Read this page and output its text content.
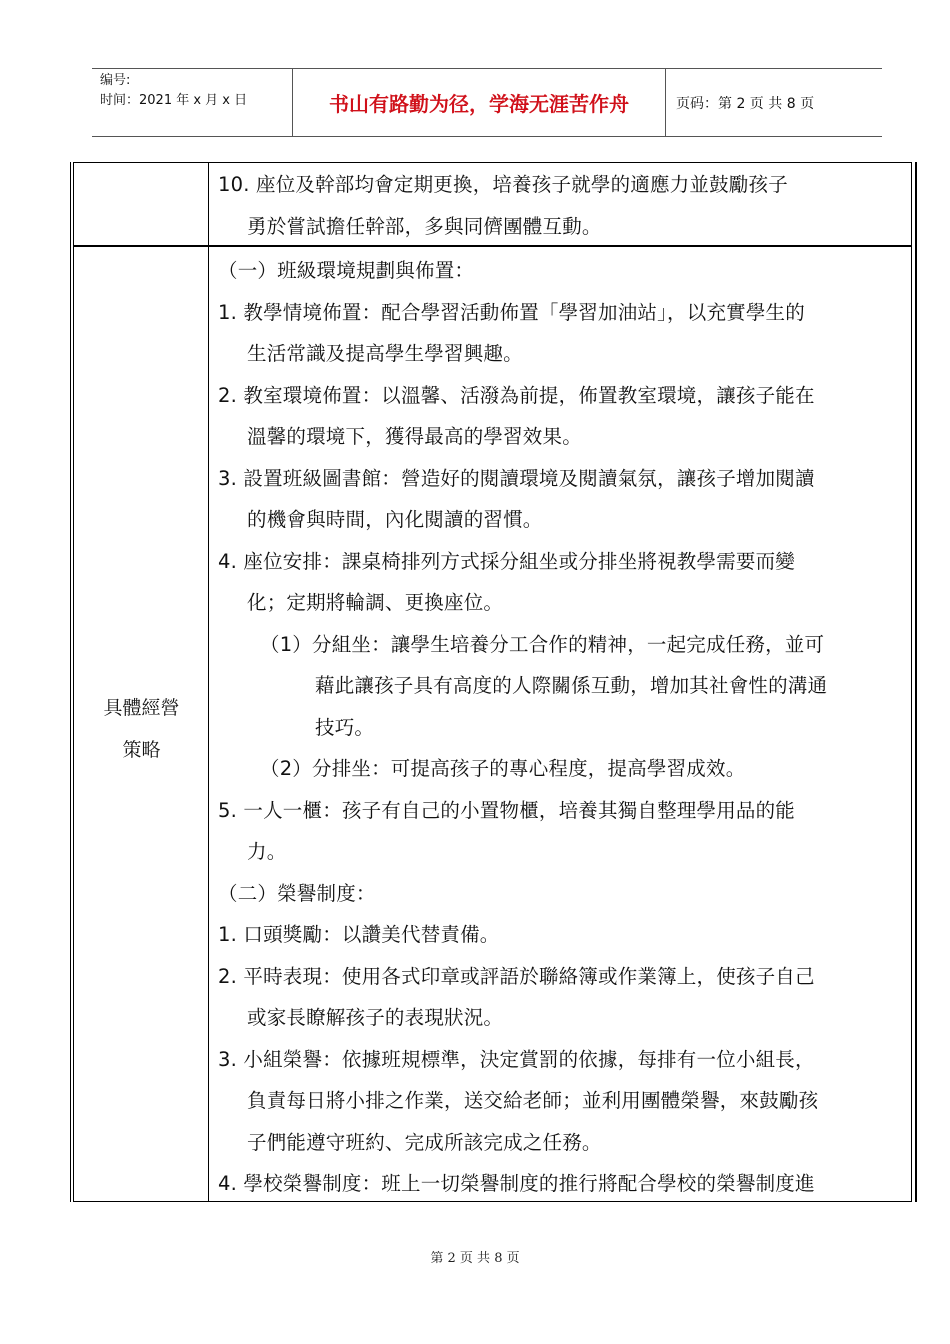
编号:
时间：2021 年 x 月 x 日	书山有路勤为径，学海无涯苦作舟	页码：第 2 页 共 8 页
10. 座位及幹部均會定期更換，培養孩子就學的適應力並鼓勵孩子
勇於嘗試擔任幹部，多與同儕團體互動。
具體經營
策略
（一）班級環境規劃與佈置：
1. 教學情境佈置：配合學習活動佈置「學習加油站」，以充實學生的
生活常識及提高學生學習興趣。
2. 教室環境佈置：以溫馨、活潑為前提，佈置教室環境，讓孩子能在
溫馨的環境下，獲得最高的學習效果。
3. 設置班級圖書館：營造好的閱讀環境及閱讀氣氛，讓孩子增加閱讀
的機會與時間，內化閱讀的習慣。
4. 座位安排：課桌椅排列方式採分組坐或分排坐將視教學需要而變
化；定期將輪調、更換座位。
（1）分組坐：讓學生培養分工合作的精神，一起完成任務，並可
藉此讓孩子具有高度的人際關係互動，增加其社會性的溝通
技巧。
（2）分排坐：可提高孩子的專心程度，提高學習成效。
5. 一人一櫃：孩子有自己的小置物櫃，培養其獨自整理學用品的能
力。
（二）榮譽制度：
1. 口頭獎勵：以讚美代替責備。
2. 平時表現：使用各式印章或評語於聯絡簿或作業簿上，使孩子自己
或家長瞭解孩子的表現狀況。
3. 小組榮譽：依據班規標準，決定賞罰的依據，每排有一位小組長，
負責每日將小排之作業，送交給老師；並利用團體榮譽，來鼓勵孩
子們能遵守班約、完成所該完成之任務。
4. 學校榮譽制度：班上一切榮譽制度的推行將配合學校的榮譽制度進
第 2 页 共 8 页
